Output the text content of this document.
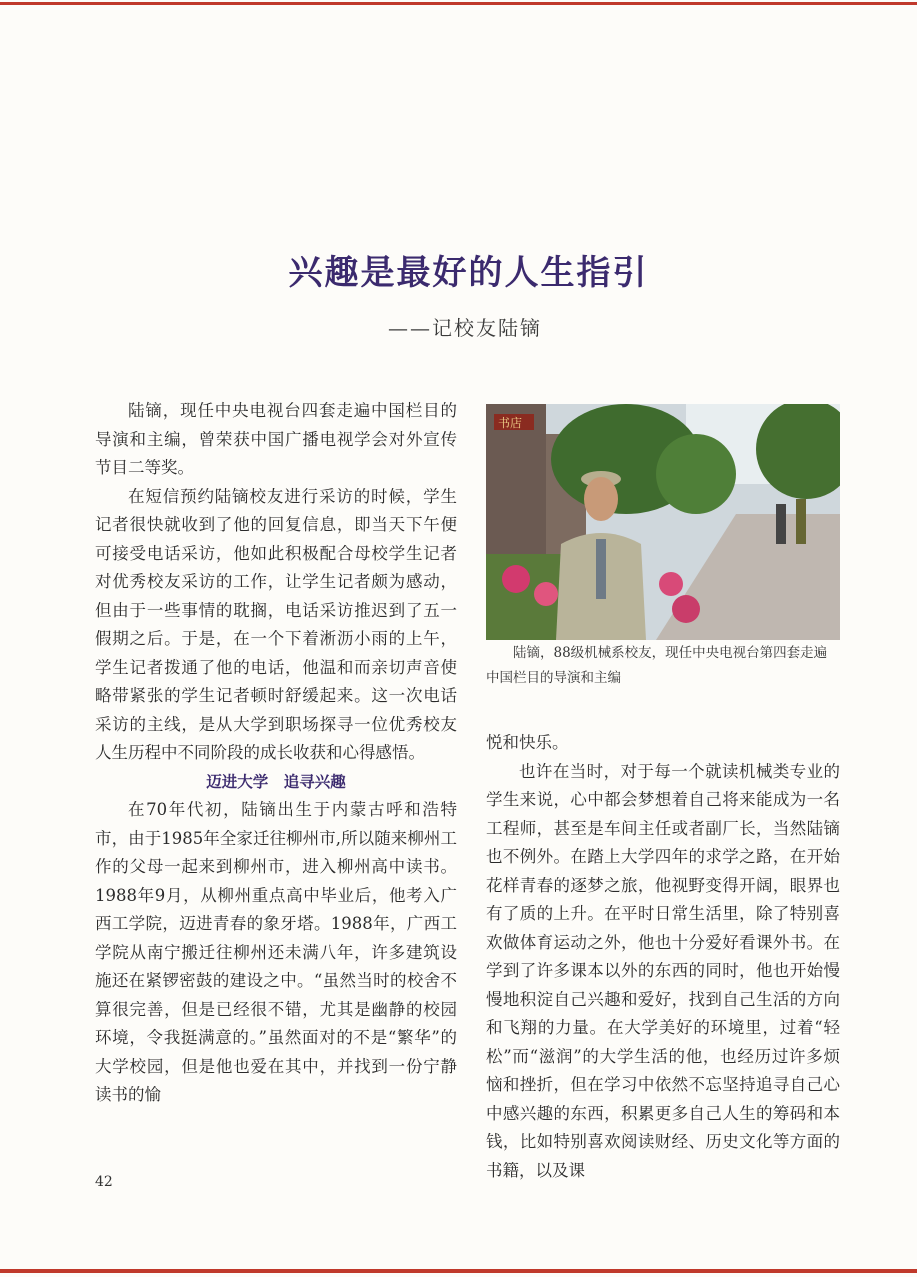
兴趣是最好的人生指引
——记校友陆镝

陆镝，现任中央电视台四套走遍中国栏目的导演和主编，曾荣获中国广播电视学会对外宣传节目二等奖。

在短信预约陆镝校友进行采访的时候，学生记者很快就收到了他的回复信息，即当天下午便可接受电话采访，他如此积极配合母校学生记者对优秀校友采访的工作，让学生记者颇为感动，但由于一些事情的耽搁，电话采访推迟到了五一假期之后。于是，在一个下着淅沥小雨的上午，学生记者拨通了他的电话，他温和而亲切声音使略带紧张的学生记者顿时舒缓起来。这一次电话采访的主线，是从大学到职场探寻一位优秀校友人生历程中不同阶段的成长收获和心得感悟。

迈进大学　追寻兴趣

在70年代初，陆镝出生于内蒙古呼和浩特市，由于1985年全家迁往柳州市,所以随来柳州工作的父母一起来到柳州市，进入柳州高中读书。1988年9月，从柳州重点高中毕业后，他考入广西工学院，迈进青春的象牙塔。1988年，广西工学院从南宁搬迁往柳州还未满八年，许多建筑设施还在紧锣密鼓的建设之中。“虽然当时的校舍不算很完善，但是已经很不错，尤其是幽静的校园环境，令我挺满意的。”虽然面对的不是“繁华”的大学校园，但是他也爱在其中，并找到一份宁静读书的愉

书店
陆镝，88级机械系校友，现任中央电视台第四套走遍中国栏目的导演和主编

悦和快乐。

也许在当时，对于每一个就读机械类专业的学生来说，心中都会梦想着自己将来能成为一名工程师，甚至是车间主任或者副厂长，当然陆镝也不例外。在踏上大学四年的求学之路，在开始花样青春的逐梦之旅，他视野变得开阔，眼界也有了质的上升。在平时日常生活里，除了特别喜欢做体育运动之外，他也十分爱好看课外书。在学到了许多课本以外的东西的同时，他也开始慢慢地积淀自己兴趣和爱好，找到自己生活的方向和飞翔的力量。在大学美好的环境里，过着“轻松”而“滋润”的大学生活的他，也经历过许多烦恼和挫折，但在学习中依然不忘坚持追寻自己心中感兴趣的东西，积累更多自己人生的筹码和本钱，比如特别喜欢阅读财经、历史文化等方面的书籍，以及课

42
